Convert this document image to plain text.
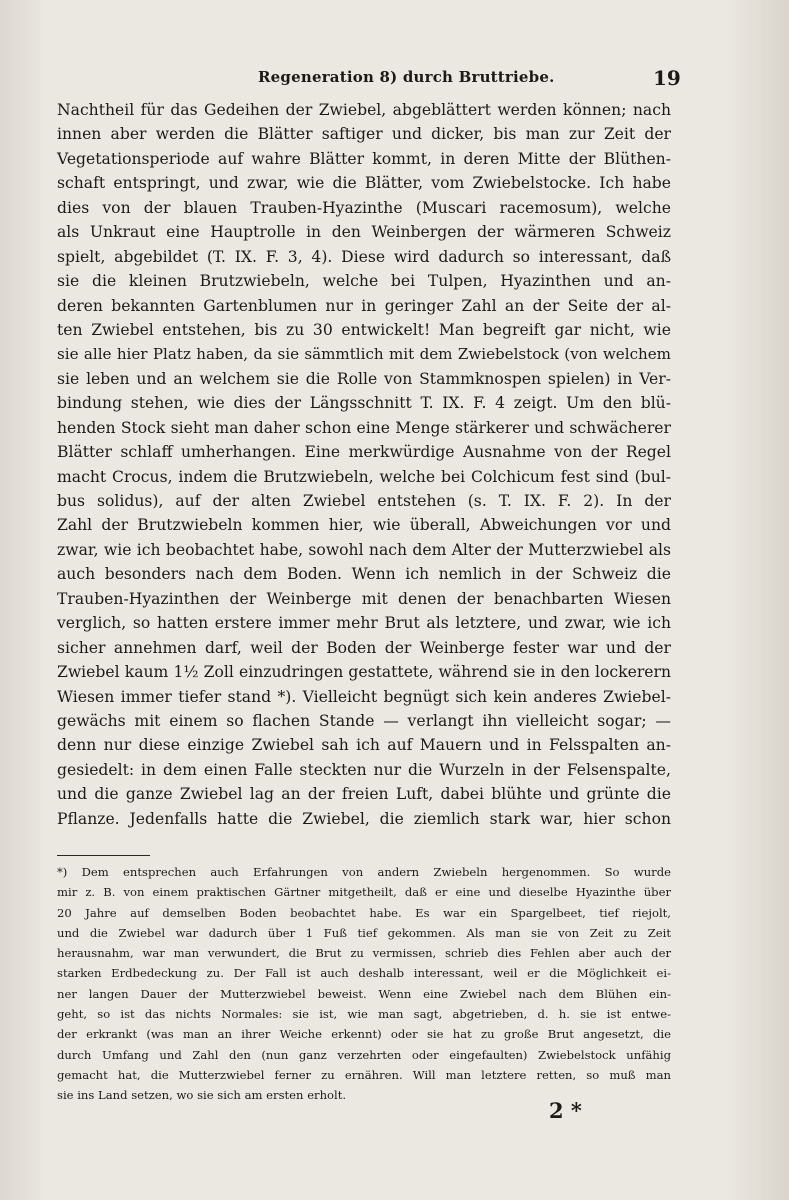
Regeneration 8) durch Bruttriebe.	19
Nachtheil für das Gedeihen der Zwiebel, abgeblättert werden können; nach
innen aber werden die Blätter saftiger und dicker, bis man zur Zeit der
Vegetationsperiode auf wahre Blätter kommt, in deren Mitte der Blüthen-
schaft entspringt, und zwar, wie die Blätter, vom Zwiebelstocke. Ich habe
dies von der blauen Trauben-Hyazinthe (Muscari racemosum), welche
als Unkraut eine Hauptrolle in den Weinbergen der wärmeren Schweiz
spielt, abgebildet (T. IX. F. 3, 4). Diese wird dadurch so interessant, daß
sie die kleinen Brutzwiebeln, welche bei Tulpen, Hyazinthen und an-
deren bekannten Gartenblumen nur in geringer Zahl an der Seite der al-
ten Zwiebel entstehen, bis zu 30 entwickelt! Man begreift gar nicht, wie
sie alle hier Platz haben, da sie sämmtlich mit dem Zwiebelstock (von welchem
sie leben und an welchem sie die Rolle von Stammknospen spielen) in Ver-
bindung stehen, wie dies der Längsschnitt T. IX. F. 4 zeigt. Um den blü-
henden Stock sieht man daher schon eine Menge stärkerer und schwächerer
Blätter schlaff umherhangen. Eine merkwürdige Ausnahme von der Regel
macht Crocus, indem die Brutzwiebeln, welche bei Colchicum fest sind (bul-
bus solidus), auf der alten Zwiebel entstehen (s. T. IX. F. 2). In der
Zahl der Brutzwiebeln kommen hier, wie überall, Abweichungen vor und
zwar, wie ich beobachtet habe, sowohl nach dem Alter der Mutterzwiebel als
auch besonders nach dem Boden. Wenn ich nemlich in der Schweiz die
Trauben-Hyazinthen der Weinberge mit denen der benachbarten Wiesen
verglich, so hatten erstere immer mehr Brut als letztere, und zwar, wie ich
sicher annehmen darf, weil der Boden der Weinberge fester war und der
Zwiebel kaum 1½ Zoll einzudringen gestattete, während sie in den lockerern
Wiesen immer tiefer stand *). Vielleicht begnügt sich kein anderes Zwiebel-
gewächs mit einem so flachen Stande — verlangt ihn vielleicht sogar; —
denn nur diese einzige Zwiebel sah ich auf Mauern und in Felsspalten an-
gesiedelt: in dem einen Falle steckten nur die Wurzeln in der Felsenspalte,
und die ganze Zwiebel lag an der freien Luft, dabei blühte und grünte die
Pflanze. Jedenfalls hatte die Zwiebel, die ziemlich stark war, hier schon
*) Dem entsprechen auch Erfahrungen von andern Zwiebeln hergenommen. So wurde
mir z. B. von einem praktischen Gärtner mitgetheilt, daß er eine und dieselbe Hyazinthe über
20 Jahre auf demselben Boden beobachtet habe. Es war ein Spargelbeet, tief riejolt,
und die Zwiebel war dadurch über 1 Fuß tief gekommen. Als man sie von Zeit zu Zeit
herausnahm, war man verwundert, die Brut zu vermissen, schrieb dies Fehlen aber auch der
starken Erdbedeckung zu. Der Fall ist auch deshalb interessant, weil er die Möglichkeit ei-
ner langen Dauer der Mutterzwiebel beweist. Wenn eine Zwiebel nach dem Blühen ein-
geht, so ist das nichts Normales: sie ist, wie man sagt, abgetrieben, d. h. sie ist entwe-
der erkrankt (was man an ihrer Weiche erkennt) oder sie hat zu große Brut angesetzt, die
durch Umfang und Zahl den (nun ganz verzehrten oder eingefaulten) Zwiebelstock unfähig
gemacht hat, die Mutterzwiebel ferner zu ernähren. Will man letztere retten, so muß man
sie ins Land setzen, wo sie sich am ersten erholt.
2 *
